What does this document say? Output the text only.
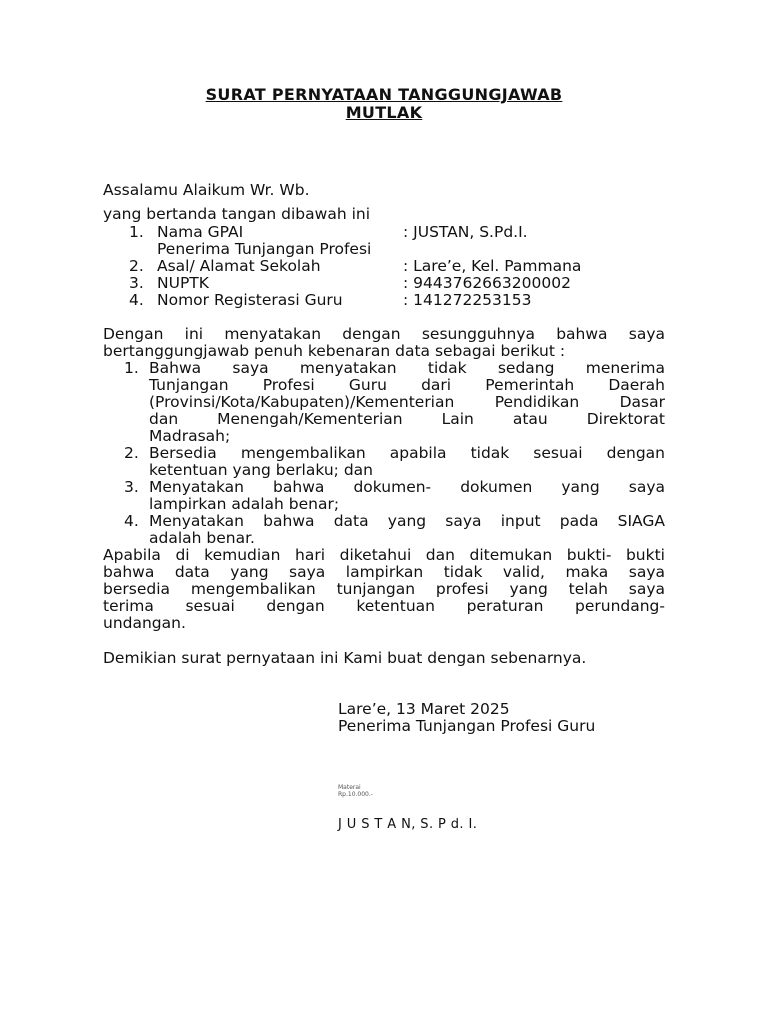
SURAT PERNYATAAN TANGGUNGJAWAB
MUTLAK
Assalamu Alaikum Wr. Wb.
yang bertanda tangan dibawah ini
1. Nama GPAI	: JUSTAN, S.Pd.I.
Penerima Tunjangan Profesi
2. Asal/ Alamat Sekolah	: Lare’e, Kel. Pammana
3. NUPTK	: 9443762663200002
4. Nomor Registerasi Guru	: 141272253153
Dengan ini menyatakan dengan sesungguhnya bahwa saya
bertanggungjawab penuh kebenaran data sebagai berikut :
1. Bahwa saya menyatakan tidak sedang menerima
Tunjangan Profesi Guru dari Pemerintah Daerah
(Provinsi/Kota/Kabupaten)/Kementerian Pendidikan Dasar
dan Menengah/Kementerian Lain atau Direktorat
Madrasah;
2. Bersedia mengembalikan apabila tidak sesuai dengan
ketentuan yang berlaku; dan
3. Menyatakan bahwa dokumen- dokumen yang saya
lampirkan adalah benar;
4. Menyatakan bahwa data yang saya input pada SIAGA
adalah benar.
Apabila di kemudian hari diketahui dan ditemukan bukti- bukti
bahwa data yang saya lampirkan tidak valid, maka saya
bersedia mengembalikan tunjangan profesi yang telah saya
terima sesuai dengan ketentuan peraturan perundang-
undangan.
Demikian surat pernyataan ini Kami buat dengan sebenarnya.
Lare’e, 13 Maret 2025
Penerima Tunjangan Profesi Guru
Materai
Rp.10.000.-
J U S T A N, S. P d. I.
